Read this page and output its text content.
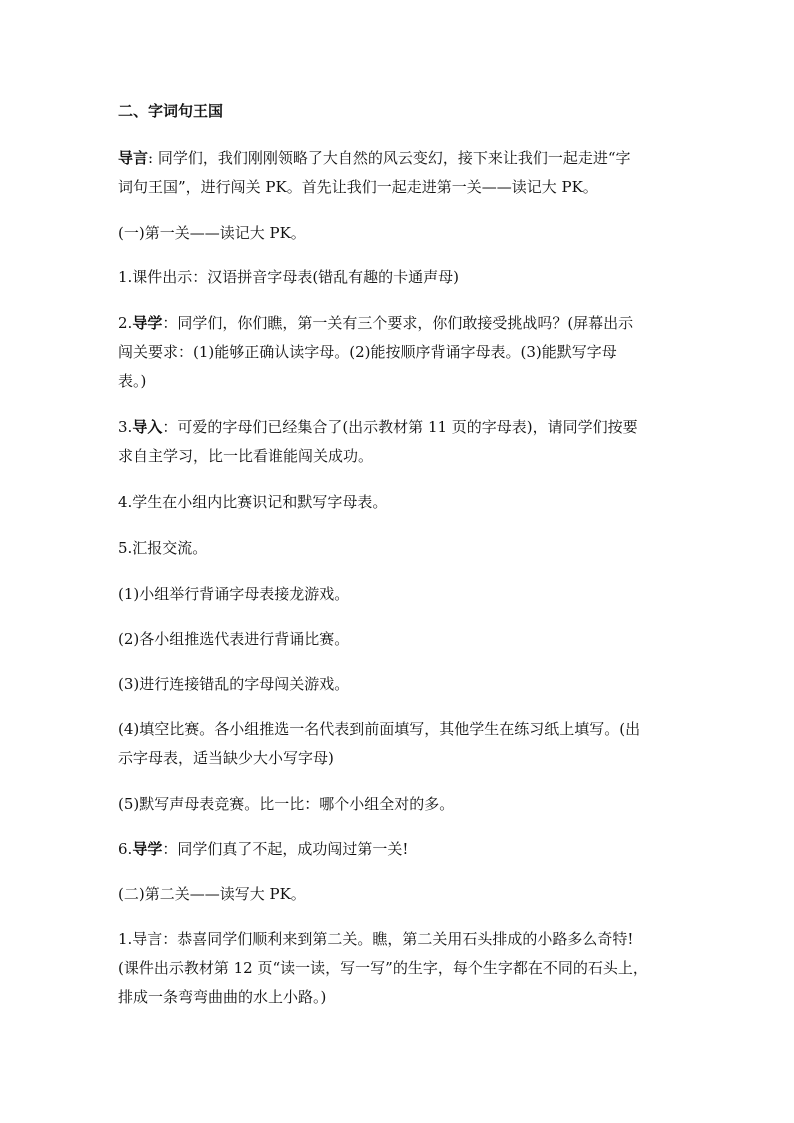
二、字词句王国

导言: 同学们，我们刚刚领略了大自然的风云变幻，接下来让我们一起走进“字

词句王国”，进行闯关 PK。首先让我们一起走进第一关——读记大 PK。

(一)第一关——读记大 PK。

1.课件出示：汉语拼音字母表(错乱有趣的卡通声母)

2.导学：同学们，你们瞧，第一关有三个要求，你们敢接受挑战吗？(屏幕出示

闯关要求：(1)能够正确认读字母。(2)能按顺序背诵字母表。(3)能默写字母

表。)

3.导入：可爱的字母们已经集合了(出示教材第 11 页的字母表)，请同学们按要

求自主学习，比一比看谁能闯关成功。

4.学生在小组内比赛识记和默写字母表。

5.汇报交流。

(1)小组举行背诵字母表接龙游戏。

(2)各小组推选代表进行背诵比赛。

(3)进行连接错乱的字母闯关游戏。

(4)填空比赛。各小组推选一名代表到前面填写，其他学生在练习纸上填写。(出

示字母表，适当缺少大小写字母)

(5)默写声母表竞赛。比一比：哪个小组全对的多。

6.导学：同学们真了不起，成功闯过第一关!

(二)第二关——读写大 PK。

1.导言：恭喜同学们顺利来到第二关。瞧，第二关用石头排成的小路多么奇特!

(课件出示教材第 12 页“读一读，写一写”的生字，每个生字都在不同的石头上，

排成一条弯弯曲曲的水上小路。)
